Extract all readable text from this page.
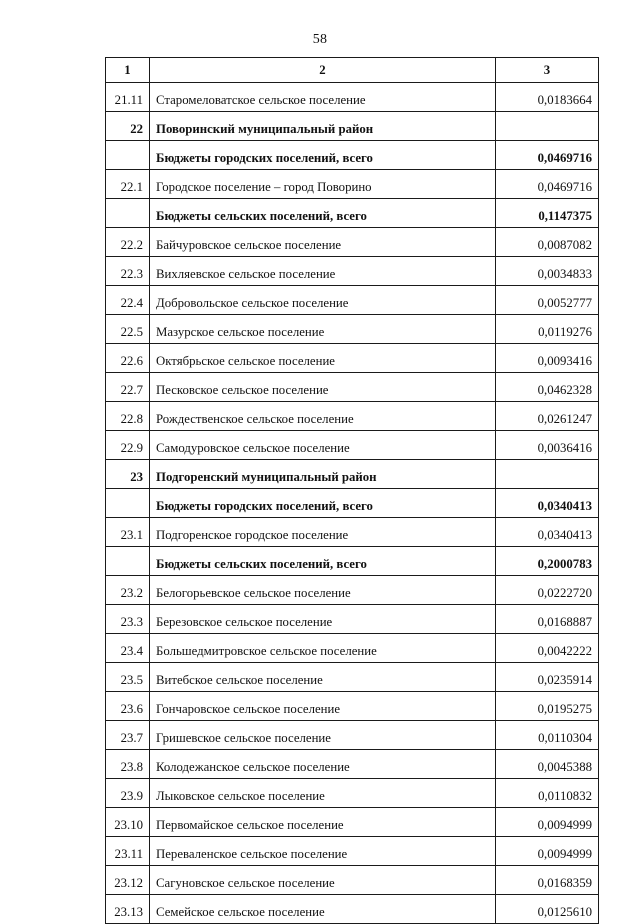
58
1	2	3
21.11	Старомеловатское сельское поселение	0,0183664
22	Поворинский муниципальный район	
	Бюджеты городских поселений, всего	0,0469716
22.1	Городское поселение – город Поворино	0,0469716
	Бюджеты сельских поселений, всего	0,1147375
22.2	Байчуровское сельское поселение	0,0087082
22.3	Вихляевское сельское поселение	0,0034833
22.4	Добровольское сельское поселение	0,0052777
22.5	Мазурское сельское поселение	0,0119276
22.6	Октябрьское сельское поселение	0,0093416
22.7	Песковское сельское поселение	0,0462328
22.8	Рождественское сельское поселение	0,0261247
22.9	Самодуровское сельское поселение	0,0036416
23	Подгоренский муниципальный район	
	Бюджеты городских поселений, всего	0,0340413
23.1	Подгоренское городское поселение	0,0340413
	Бюджеты сельских поселений, всего	0,2000783
23.2	Белогорьевское сельское поселение	0,0222720
23.3	Березовское сельское поселение	0,0168887
23.4	Большедмитровское сельское поселение	0,0042222
23.5	Витебское сельское поселение	0,0235914
23.6	Гончаровское сельское поселение	0,0195275
23.7	Гришевское сельское поселение	0,0110304
23.8	Колодежанское сельское поселение	0,0045388
23.9	Лыковское сельское поселение	0,0110832
23.10	Первомайское сельское поселение	0,0094999
23.11	Переваленское сельское поселение	0,0094999
23.12	Сагуновское сельское поселение	0,0168359
23.13	Семейское сельское поселение	0,0125610
